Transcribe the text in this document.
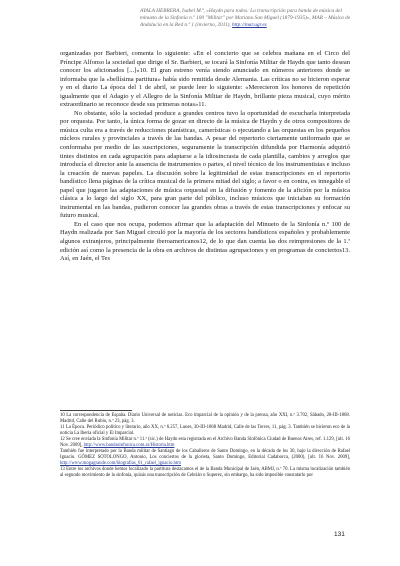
AYALA HERRERA, Isabel M.ª, «Haydn para todos: La transcripción para banda de música del
minueto de la Sinfonía n.º 100 "Militar" por Mariano San Miguel (1879-1935)», MAR – Música de
Andalucía en la Red n.º 1 (invierno, 2011), http://mar.ugr.es

organizadas por Barbieri, comenta lo siguiente: «En el concierto que se celebra mañana en el Circo del Príncipe Alfonso la sociedad que dirige el Sr. Barbieri, se tocará la Sinfonía Militar de Haydn que tanto desean conocer los aficionados [...]»10. El gran estreno venía siendo anunciado en números anteriores donde se informaba que la «bellísima partitura» había sido remitida desde Alemania. Las críticas no se hicieron esperar y en el diario La época del 1 de abril, se puede leer lo siguiente: «Merecieron los honores de repetición igualmente que el Adagio y el Allegro de la Sinfonía Militar de Haydn, brillante pieza musical, cuyo mérito extraordinario se reconoce desde sus primeras notas»11.

No obstante, sólo la sociedad produce a grandes centros tuvo la oportunidad de escucharla interpretada por orquesta. Por tanto, la única forma de gozar en directo de la música de Haydn y de otros compositores de música culta era a través de reducciones pianísticas, camerísticas o ejecutando a las orquestas en los pequeños núcleos rurales y provinciales a través de las bandas. A pesar del repertorio ciertamente uniformado que se conformaba por medio de las suscripciones, seguramente la transcripción difundida por Harmonía adquirió tintes distintos en cada agrupación para adaptarse a la idiosincrasia de cada plantilla, cambios y arreglos que introducía el director ante la ausencia de instrumentos o partes, el nivel técnico de los instrumentistas e incluso la creación de nuevas papeles. La discusión sobre la legitimidad de estas transcripciones en el repertorio bandístico llena páginas de la crítica musical de la primera mitad del siglo; a favor o en contra, es innegable el papel que jugaron las adaptaciones de música orquestal en la difusión y fomento de la afición por la música clásica a lo largo del siglo XX, para gran parte del público, incluso músicos que iniciaban su formación instrumental en las bandas, pudieron conocer las grandes obras a través de estas transcripciones y enfocar su futuro musical.

En el caso que nos ocupa, podemos afirmar que la adaptación del Minueto de la Sinfonía n.º 100 de Haydn realizada por San Miguel circuló por la mayoría de los sectores bandísticos españoles y probablemente algunos extranjeros, principalmente iberoamericanos12, de lo que dan cuenta las dos reimpresiones de la 1.ª edición así como la presencia de la obra en archivos de distintas agrupaciones y en programas de conciertos13. Así, en Jaén, el Tes

10 La correspondencia de España. Diario Universal de noticias. Eco imparcial de la opinión y de la prensa, año XXI, n.º 3.702, Sábado, 28-III-1868. Madrid, Calle del Rubio, n.º 23, pág. 3.

11 La Época. Periódico político y literario, año XX, n.º 6.257, Lunes, 30-III-1868 Madrid, Calle de las Torres, 11, pág. 3. También se hicieron eco de la noticia La Iberia oficial y El Imparcial.

12 Se cree enviada la Sinfonía Militar n.º 11.ª (sic.) de Haydn esta registrada en el Archivo Banda Sinfónica Ciudad de Buenos Aires, ref. 1.129, [ult. 16 Nov. 2009], http://www.bandasinfonica.com.ar/Historia.htm

También fue interpretado por la Banda militar de Santiago de los Caballeros de Santo Domingo, en la década de los 30, bajo la dirección de Rafael Ignacio. GÓMEZ SOTOLONGO, Antonio, Los conciertos de la glorieta, Santo Domingo, Editorial Cadaborca, (2000), [ult. 16 Nov. 2009], http://www.mogagrande.com/biografias_01_rafael_ignacio.htm

13 Entre los archivos donde hemos localizado la partitura destacamos el de la Banda Municipal de Jaén, ABMJ, n.º 70. La misma localización también al segundo movimiento de la sinfonía, quizás una transcripción de Cebrián o Superez, sin embargo, ha sido imposible constatarlo por

131
